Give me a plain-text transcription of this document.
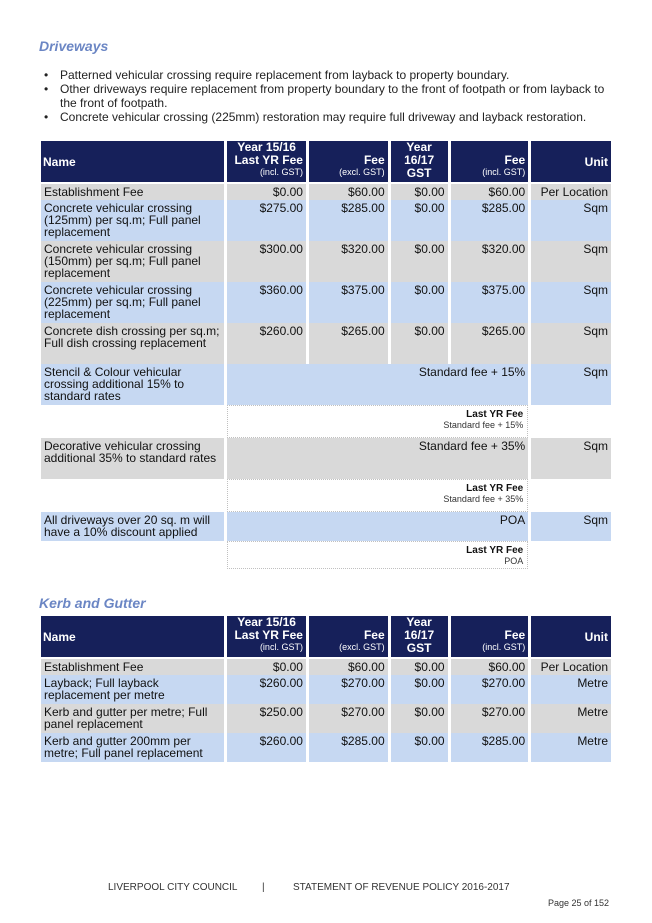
Driveways
• Patterned vehicular crossing require replacement from layback to property boundary.
• Other driveways require replacement from property boundary to the front of footpath or from layback to the front of footpath.
• Concrete vehicular crossing (225mm) restoration may require full driveway and layback restoration.
Name	Year 15/16
Last YR Fee
(incl. GST)	Fee
(excl. GST)	Year 16/17
GST	Fee
(incl. GST)	Unit

Establishment Fee	$0.00	$60.00	$0.00	$60.00	Per Location
Concrete vehicular crossing (125mm) per sq.m; Full panel replacement	$275.00	$285.00	$0.00	$285.00	Sqm
Concrete vehicular crossing (150mm) per sq.m; Full panel replacement	$300.00	$320.00	$0.00	$320.00	Sqm
Concrete vehicular crossing (225mm) per sq.m; Full panel replacement	$360.00	$375.00	$0.00	$375.00	Sqm
Concrete dish crossing per sq.m; Full dish crossing replacement	$260.00	$265.00	$0.00	$265.00	Sqm
Stencil & Colour vehicular crossing additional 15% to standard rates	Standard fee + 15%				Sqm

	Last YR Fee
Standard fee + 15%				

Decorative vehicular crossing additional 35% to standard rates	Standard fee + 35%				Sqm

	Last YR Fee
Standard fee + 35%				

All driveways over 20 sq. m will have a 10% discount applied	POA				Sqm

	Last YR Fee
POA				

Kerb and Gutter
Name	Year 15/16
Last YR Fee
(incl. GST)	Fee
(excl. GST)	Year 16/17
GST	Fee
(incl. GST)	Unit

Establishment Fee	$0.00	$60.00	$0.00	$60.00	Per Location
Layback; Full layback replacement per metre	$260.00	$270.00	$0.00	$270.00	Metre
Kerb and gutter per metre; Full panel replacement	$250.00	$270.00	$0.00	$270.00	Metre
Kerb and gutter 200mm per metre; Full panel replacement	$260.00	$285.00	$0.00	$285.00	Metre
LIVERPOOL CITY COUNCIL |	STATEMENT OF REVENUE POLICY 2016-2017
Page 25 of 152
